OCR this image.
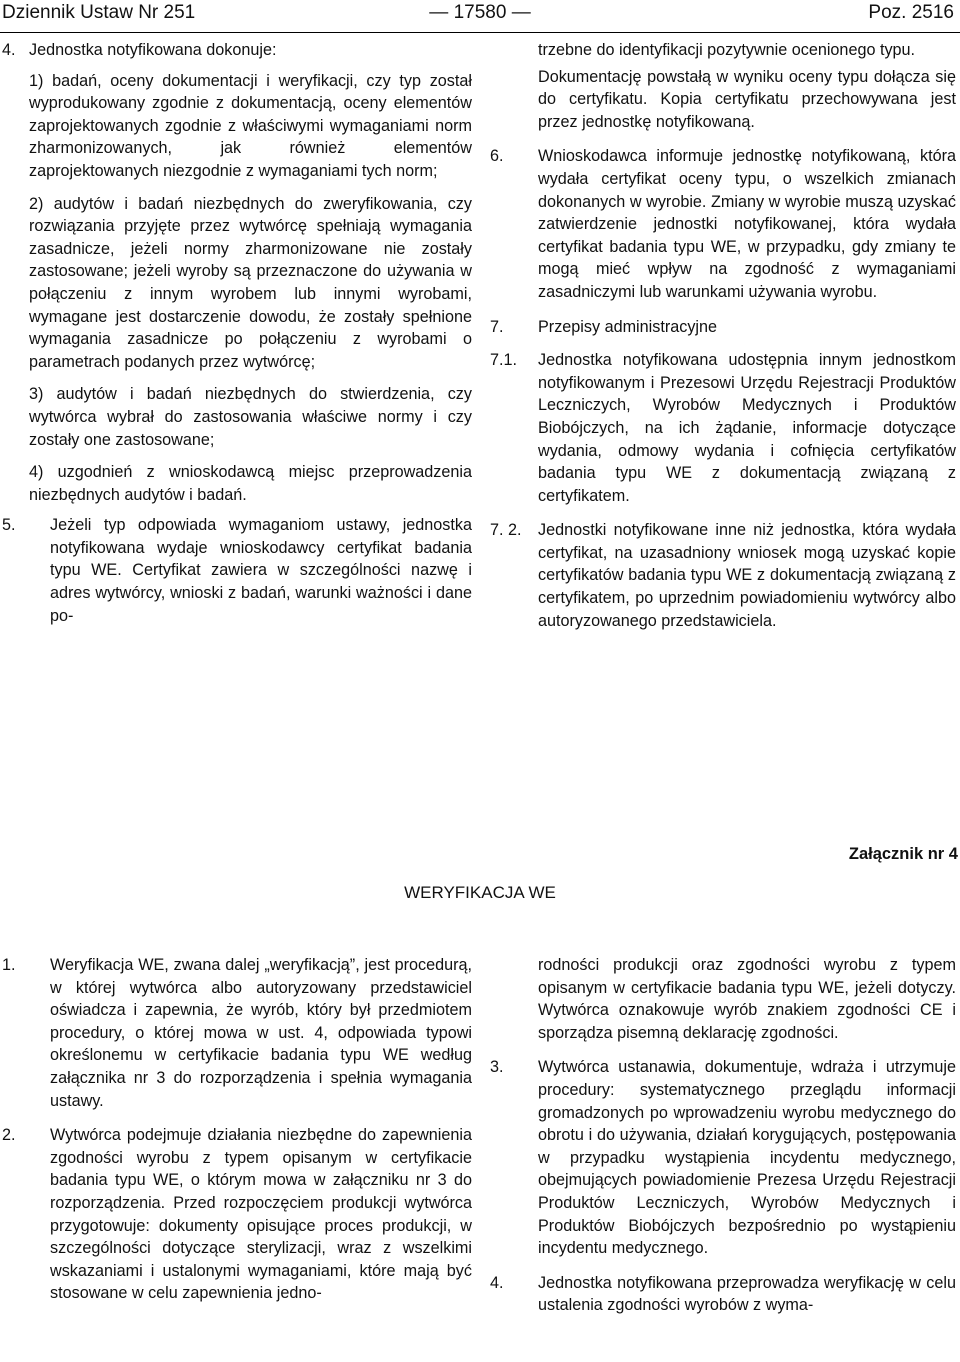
— 17580 —
Dziennik Ustaw Nr 251	Poz. 2516
4. Jednostka notyfikowana dokonuje:

1) badań, oceny dokumentacji i weryfikacji, czy typ został wyprodukowany zgodnie z dokumentacją, oceny elementów zaprojektowanych zgodnie z właściwymi wymaganiami norm zharmonizowanych, jak również elementów zaprojektowanych niezgodnie z wymaganiami tych norm;

2) audytów i badań niezbędnych do zweryfikowania, czy rozwiązania przyjęte przez wytwórcę spełniają wymagania zasadnicze, jeżeli normy zharmonizowane nie zostały zastosowane; jeżeli wyroby są przeznaczone do używania w połączeniu z innym wyrobem lub innymi wyrobami, wymagane jest dostarczenie dowodu, że zostały spełnione wymagania zasadnicze po połączeniu z wyrobami o parametrach podanych przez wytwórcę;

3) audytów i badań niezbędnych do stwierdzenia, czy wytwórca wybrał do zastosowania właściwe normy i czy zostały one zastosowane;

4) uzgodnień z wnioskodawcą miejsc przeprowadzenia niezbędnych audytów i badań.

5.	Jeżeli typ odpowiada wymaganiom ustawy, jednostka notyfikowana wydaje wnioskodawcy certyfikat badania typu WE. Certyfikat zawiera w szczególności nazwę i adres wytwórcy, wnioski z badań, warunki ważności i dane po-

trzebne do identyfikacji pozytywnie ocenionego typu.

Dokumentację powstałą w wyniku oceny typu dołącza się do certyfikatu. Kopia certyfikatu przechowywana jest przez jednostkę notyfikowaną.

6.	Wnioskodawca informuje jednostkę notyfikowaną, która wydała certyfikat oceny typu, o wszelkich zmianach dokonanych w wyrobie. Zmiany w wyrobie muszą uzyskać zatwierdzenie jednostki notyfikowanej, która wydała certyfikat badania typu WE, w przypadku, gdy zmiany te mogą mieć wpływ na zgodność z wymaganiami zasadniczymi lub warunkami używania wyrobu.
7.	Przepisy administracyjne
7.1.	Jednostka notyfikowana udostępnia innym jednostkom notyfikowanym i Prezesowi Urzędu Rejestracji Produktów Leczniczych, Wyrobów Medycznych i Produktów Biobójczych, na ich żądanie, informacje dotyczące wydania, odmowy wydania i cofnięcia certyfikatów badania typu WE z dokumentacją związaną z certyfikatem.
7. 2.	Jednostki notyfikowane inne niż jednostka, która wydała certyfikat, na uzasadniony wniosek mogą uzyskać kopie certyfikatów badania typu WE z dokumentacją związaną z certyfikatem, po uprzednim powiadomieniu wytwórcy albo autoryzowanego przedstawiciela.
Załącznik nr 4
WERYFIKACJA WE
1.	Weryfikacja WE, zwana dalej „weryfikacją”, jest procedurą, w której wytwórca albo autoryzowany przedstawiciel oświadcza i zapewnia, że wyrób, który był przedmiotem procedury, o której mowa w ust. 4, odpowiada typowi określonemu w certyfikacie badania typu WE według załącznika nr 3 do rozporządzenia i spełnia wymagania ustawy.
2.	Wytwórca podejmuje działania niezbędne do zapewnienia zgodności wyrobu z typem opisanym w certyfikacie badania typu WE, o którym mowa w załączniku nr 3 do rozporządzenia. Przed rozpoczęciem produkcji wytwórca przygotowuje: dokumenty opisujące proces produkcji, w szczególności dotyczące sterylizacji, wraz z wszelkimi wskazaniami i ustalonymi wymaganiami, które mają być stosowane w celu zapewnienia jedno-

rodności produkcji oraz zgodności wyrobu z typem opisanym w certyfikacie badania typu WE, jeżeli dotyczy. Wytwórca oznakowuje wyrób znakiem zgodności CE i sporządza pisemną deklarację zgodności.

3.	Wytwórca ustanawia, dokumentuje, wdraża i utrzymuje procedury: systematycznego przeglądu informacji gromadzonych po wprowadzeniu wyrobu medycznego do obrotu i do używania, działań korygujących, postępowania w przypadku wystąpienia incydentu medycznego, obejmujących powiadomienie Prezesa Urzędu Rejestracji Produktów Leczniczych, Wyrobów Medycznych i Produktów Biobójczych bezpośrednio po wystąpieniu incydentu medycznego.
4.	Jednostka notyfikowana przeprowadza weryfikację w celu ustalenia zgodności wyrobów z wyma-
